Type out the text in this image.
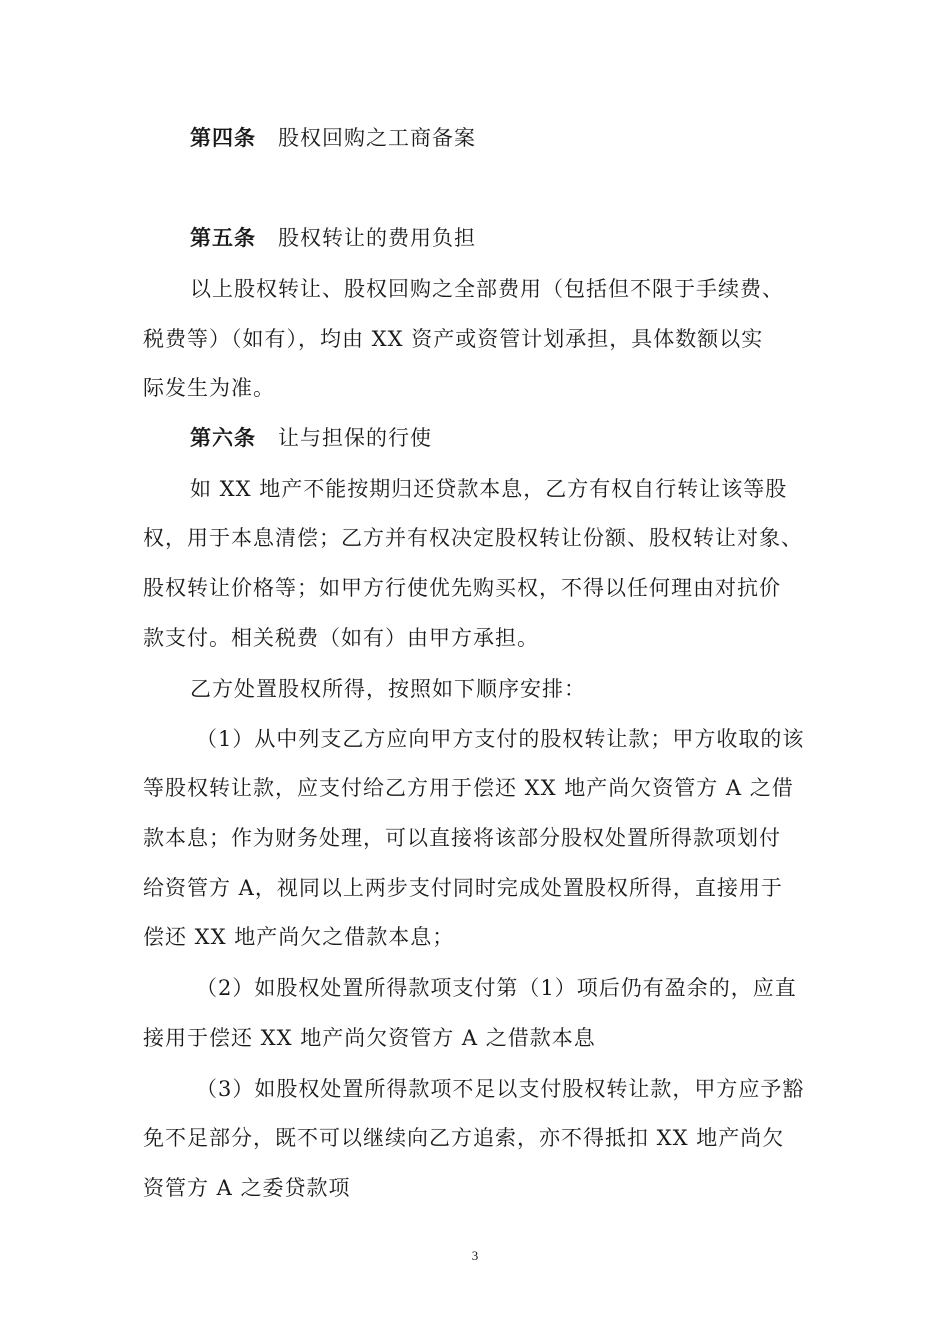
第四条 股权回购之工商备案
第五条 股权转让的费用负担
以上股权转让、股权回购之全部费用（包括但不限于手续费、
税费等）（如有），均由 XX 资产或资管计划承担，具体数额以实
际发生为准。
第六条 让与担保的行使
如 XX 地产不能按期归还贷款本息，乙方有权自行转让该等股
权，用于本息清偿；乙方并有权决定股权转让份额、股权转让对象、
股权转让价格等；如甲方行使优先购买权，不得以任何理由对抗价
款支付。相关税费（如有）由甲方承担。
乙方处置股权所得，按照如下顺序安排：
（1）从中列支乙方应向甲方支付的股权转让款；甲方收取的该
等股权转让款，应支付给乙方用于偿还 XX 地产尚欠资管方 A 之借
款本息；作为财务处理，可以直接将该部分股权处置所得款项划付
给资管方 A，视同以上两步支付同时完成处置股权所得，直接用于
偿还 XX 地产尚欠之借款本息；
（2）如股权处置所得款项支付第（1）项后仍有盈余的，应直
接用于偿还 XX 地产尚欠资管方 A 之借款本息
（3）如股权处置所得款项不足以支付股权转让款，甲方应予豁
免不足部分，既不可以继续向乙方追索，亦不得抵扣 XX 地产尚欠
资管方 A 之委贷款项
3
